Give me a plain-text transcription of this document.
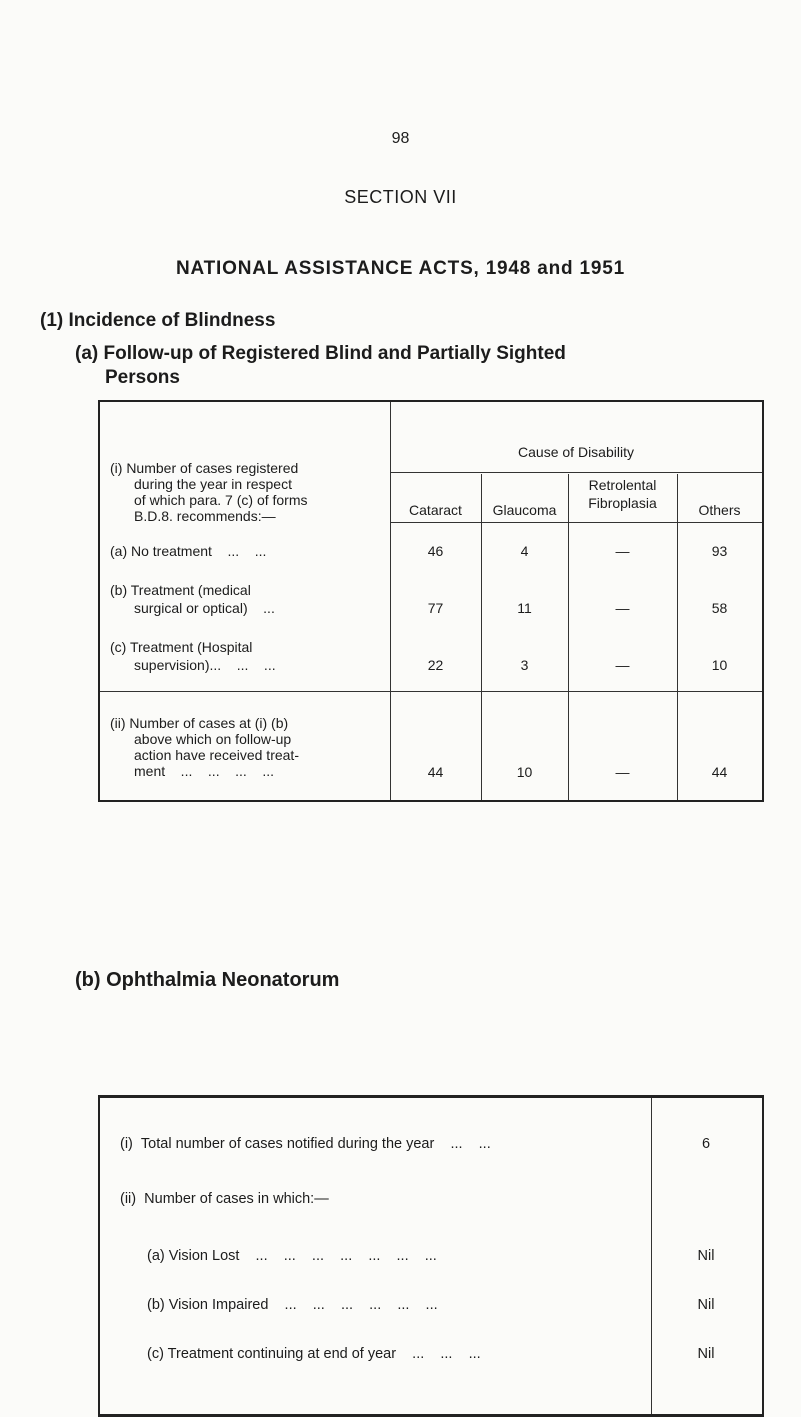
98
SECTION VII
NATIONAL ASSISTANCE ACTS, 1948 and 1951
(1) Incidence of Blindness
(a) Follow-up of Registered Blind and Partially Sighted
Persons
(i) Number of cases registered
during the year in respect
of which para. 7 (c) of forms
B.D.8. recommends:—
Cause of Disability
Cataract	Glaucoma
Retrolental
Fibroplasia	Others
(a) No treatment    ...    ...	46	4	—	93
(b) Treatment (medical
surgical or optical)    ...	77	11	—	58
(c) Treatment (Hospital
supervision)...    ...    ...	22	3	—	10
(ii) Number of cases at (i) (b)
above which on follow-up
action have received treat-
ment    ...    ...    ...    ...	44	10	—	44
(b) Ophthalmia Neonatorum
(i)  Total number of cases notified during the year    ...    ...	6
(ii)  Number of cases in which:—
(a) Vision Lost    ...    ...    ...    ...    ...    ...    ...	Nil
(b) Vision Impaired    ...    ...    ...    ...    ...    ...	Nil
(c) Treatment continuing at end of year    ...    ...    ...	Nil
